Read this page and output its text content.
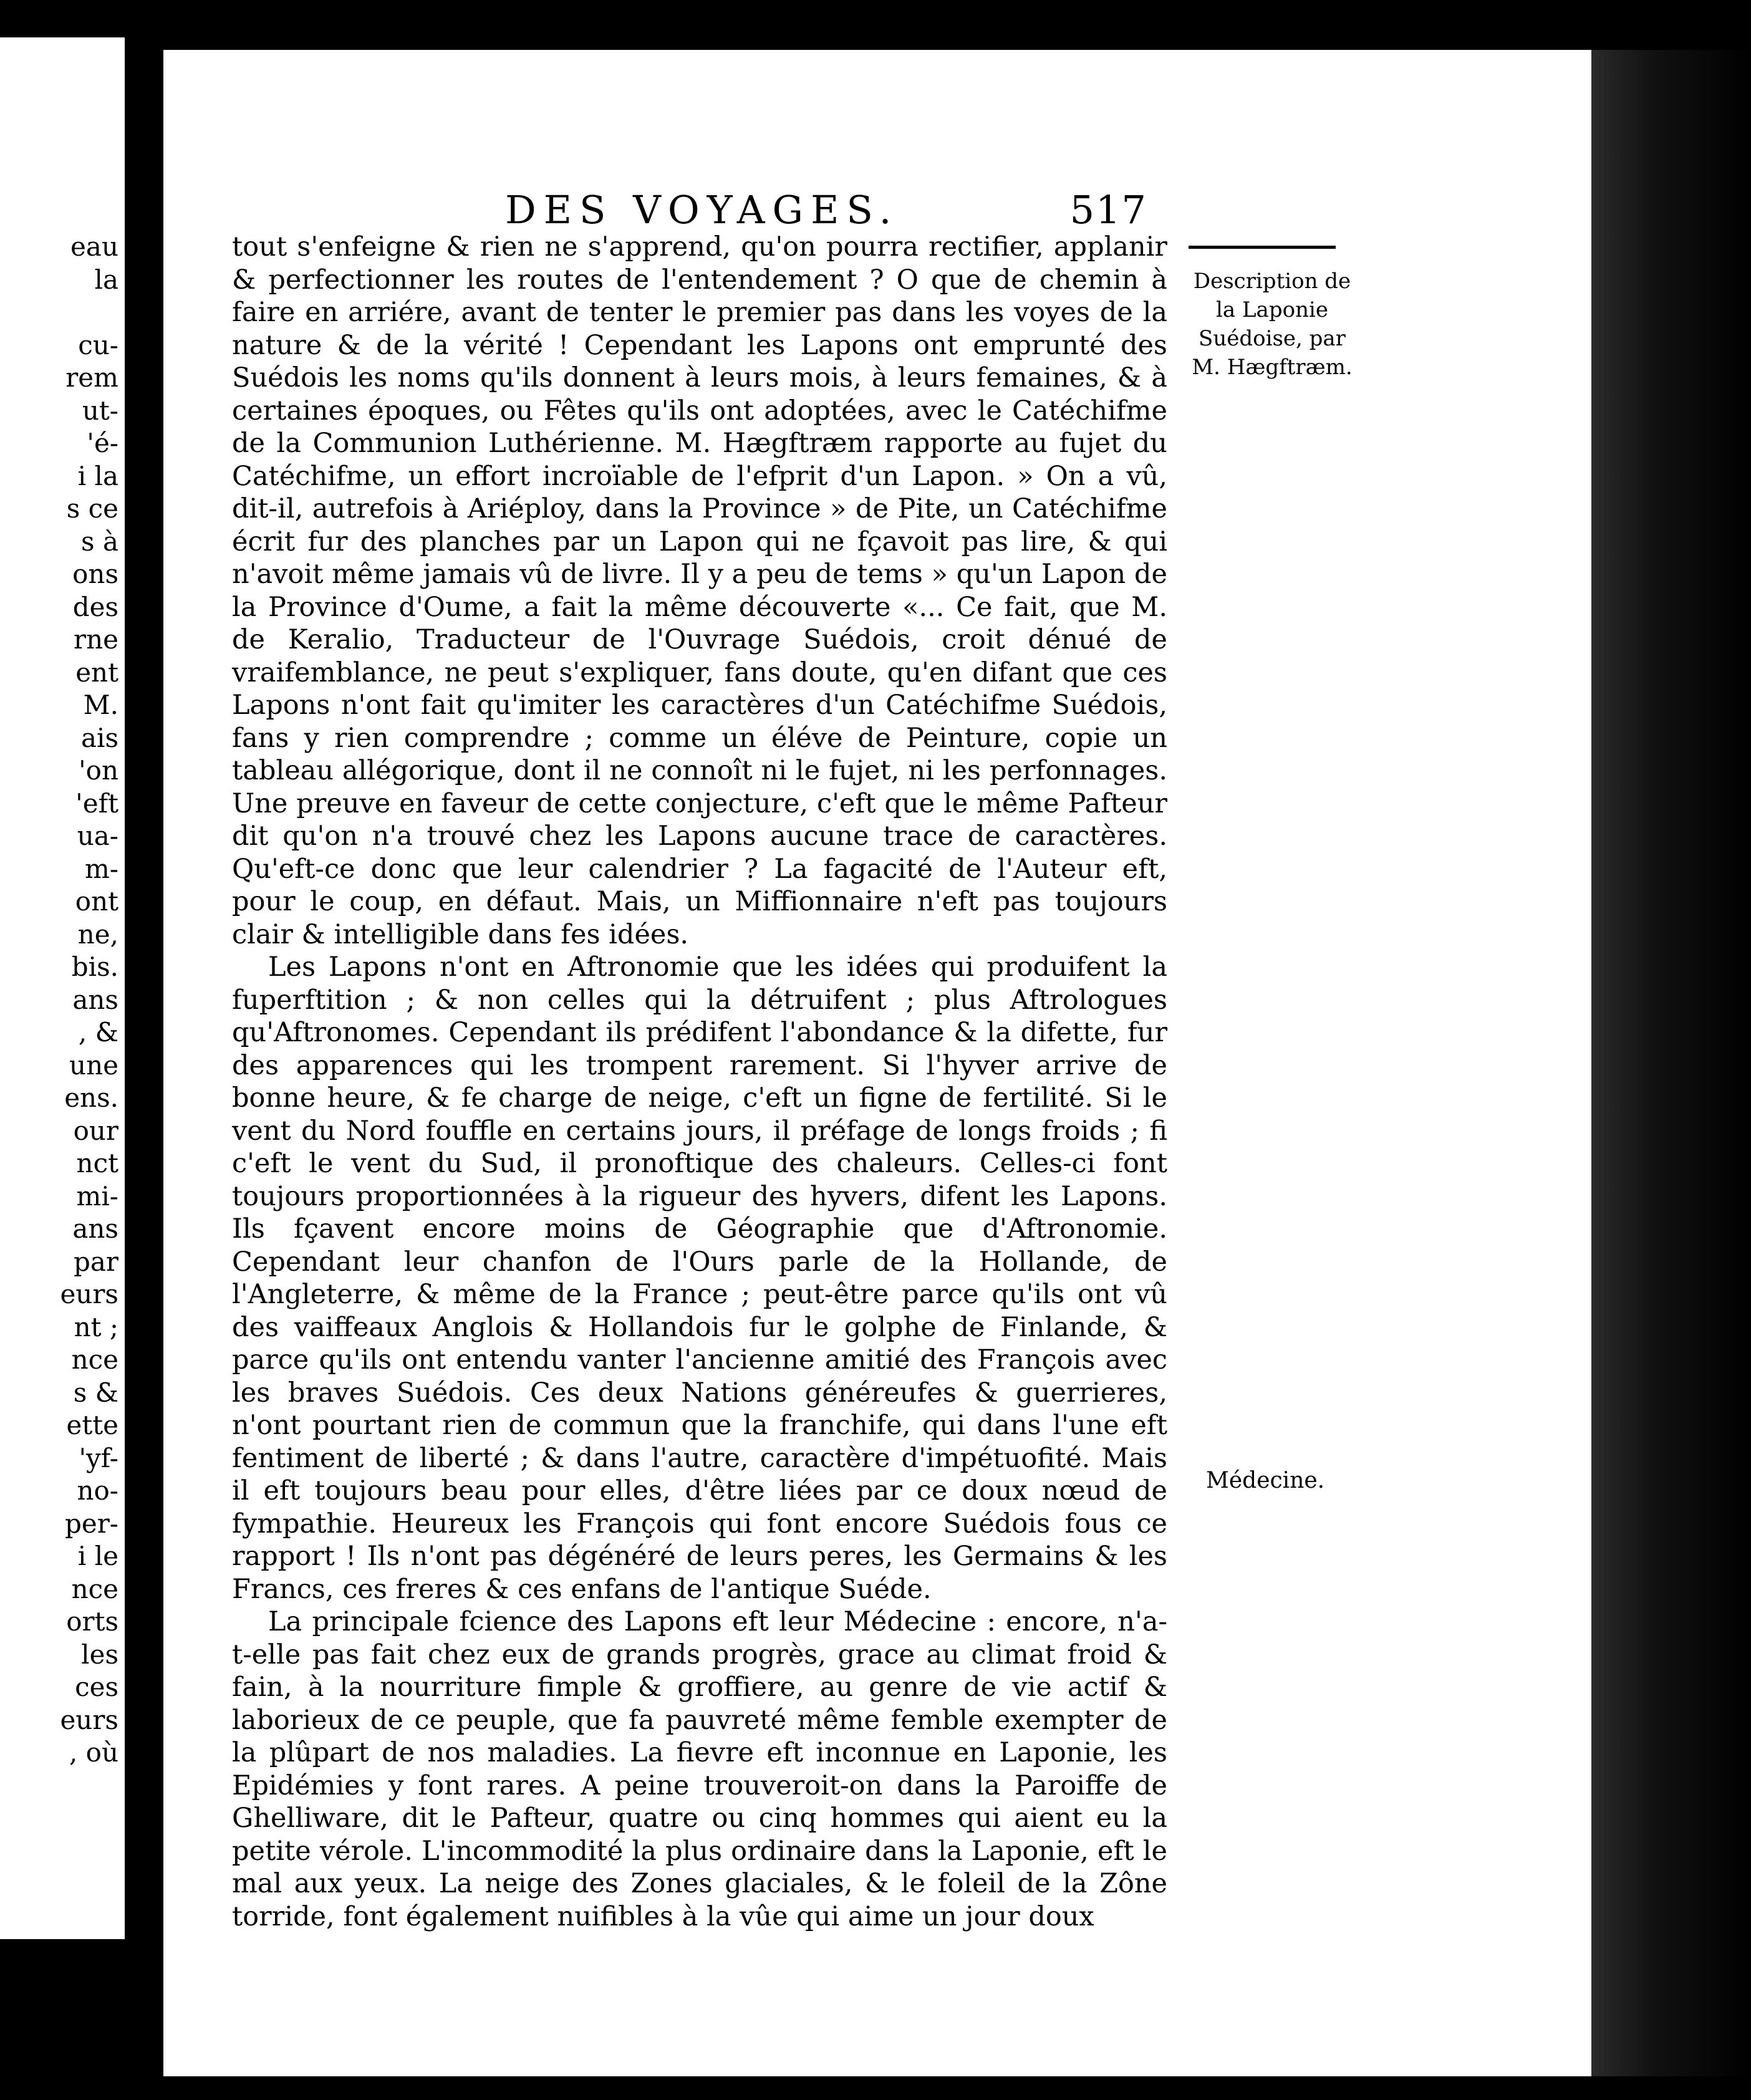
eau
la

cu-
rem
ut-
'é-
i la
s ce
s à
ons
des
rne
ent
M.
ais
'on
'eft
ua-
m-
ont
ne,
bis.
ans
, &
une
ens.
our
nct
mi-
ans
par
eurs
nt ;
nce
s &
ette
'yf-
no-
per-
i le
nce
orts
les
ces
eurs
, où
DES VOYAGES.	517

tout s'enfeigne & rien ne s'apprend, qu'on pourra rectifier, applanir & perfectionner les routes de l'entendement ? O que de chemin à faire en arriére, avant de tenter le premier pas dans les voyes de la nature & de la vérité ! Cependant les Lapons ont emprunté des Suédois les noms qu'ils donnent à leurs mois, à leurs femaines, & à certaines époques, ou Fêtes qu'ils ont adoptées, avec le Catéchifme de la Communion Luthérienne. M. Hægftræm rapporte au fujet du Catéchifme, un effort incroïable de l'efprit d'un Lapon. » On a vû, dit-il, autrefois à Ariéploy, dans la Province » de Pite, un Catéchifme écrit fur des planches par un Lapon qui ne fçavoit pas lire, & qui n'avoit même jamais vû de livre. Il y a peu de tems » qu'un Lapon de la Province d'Oume, a fait la même découverte «... Ce fait, que M. de Keralio, Traducteur de l'Ouvrage Suédois, croit dénué de vraifemblance, ne peut s'expliquer, fans doute, qu'en difant que ces Lapons n'ont fait qu'imiter les caractères d'un Catéchifme Suédois, fans y rien comprendre ; comme un éléve de Peinture, copie un tableau allégorique, dont il ne connoît ni le fujet, ni les perfonnages. Une preuve en faveur de cette conjecture, c'eft que le même Pafteur dit qu'on n'a trouvé chez les Lapons aucune trace de caractères. Qu'eft-ce donc que leur calendrier ? La fagacité de l'Auteur eft, pour le coup, en défaut. Mais, un Miffionnaire n'eft pas toujours clair & intelligible dans fes idées.

Les Lapons n'ont en Aftronomie que les idées qui produifent la fuperftition ; & non celles qui la détruifent ; plus Aftrologues qu'Aftronomes. Cependant ils prédifent l'abondance & la difette, fur des apparences qui les trompent rarement. Si l'hyver arrive de bonne heure, & fe charge de neige, c'eft un figne de fertilité. Si le vent du Nord fouffle en certains jours, il préfage de longs froids ; fi c'eft le vent du Sud, il pronoftique des chaleurs. Celles-ci font toujours proportionnées à la rigueur des hyvers, difent les Lapons. Ils fçavent encore moins de Géographie que d'Aftronomie. Cependant leur chanfon de l'Ours parle de la Hollande, de l'Angleterre, & même de la France ; peut-être parce qu'ils ont vû des vaiffeaux Anglois & Hollandois fur le golphe de Finlande, & parce qu'ils ont entendu vanter l'ancienne amitié des François avec les braves Suédois. Ces deux Nations généreufes & guerrieres, n'ont pourtant rien de commun que la franchife, qui dans l'une eft fentiment de liberté ; & dans l'autre, caractère d'impétuofité. Mais il eft toujours beau pour elles, d'être liées par ce doux nœud de fympathie. Heureux les François qui font encore Suédois fous ce rapport ! Ils n'ont pas dégénéré de leurs peres, les Germains & les Francs, ces freres & ces enfans de l'antique Suéde.

La principale fcience des Lapons eft leur Médecine : encore, n'a-t-elle pas fait chez eux de grands progrès, grace au climat froid & fain, à la nourriture fimple & groffiere, au genre de vie actif & laborieux de ce peuple, que fa pauvreté même femble exempter de la plûpart de nos maladies. La fievre eft inconnue en Laponie, les Epidémies y font rares. A peine trouveroit-on dans la Paroiffe de Ghelliware, dit le Pafteur, quatre ou cinq hommes qui aient eu la petite vérole. L'incommodité la plus ordinaire dans la Laponie, eft le mal aux yeux. La neige des Zones glaciales, & le foleil de la Zône torride, font également nuifibles à la vûe qui aime un jour doux

Description de la Laponie Suédoise, par M. Hægftræm.
Médecine.
